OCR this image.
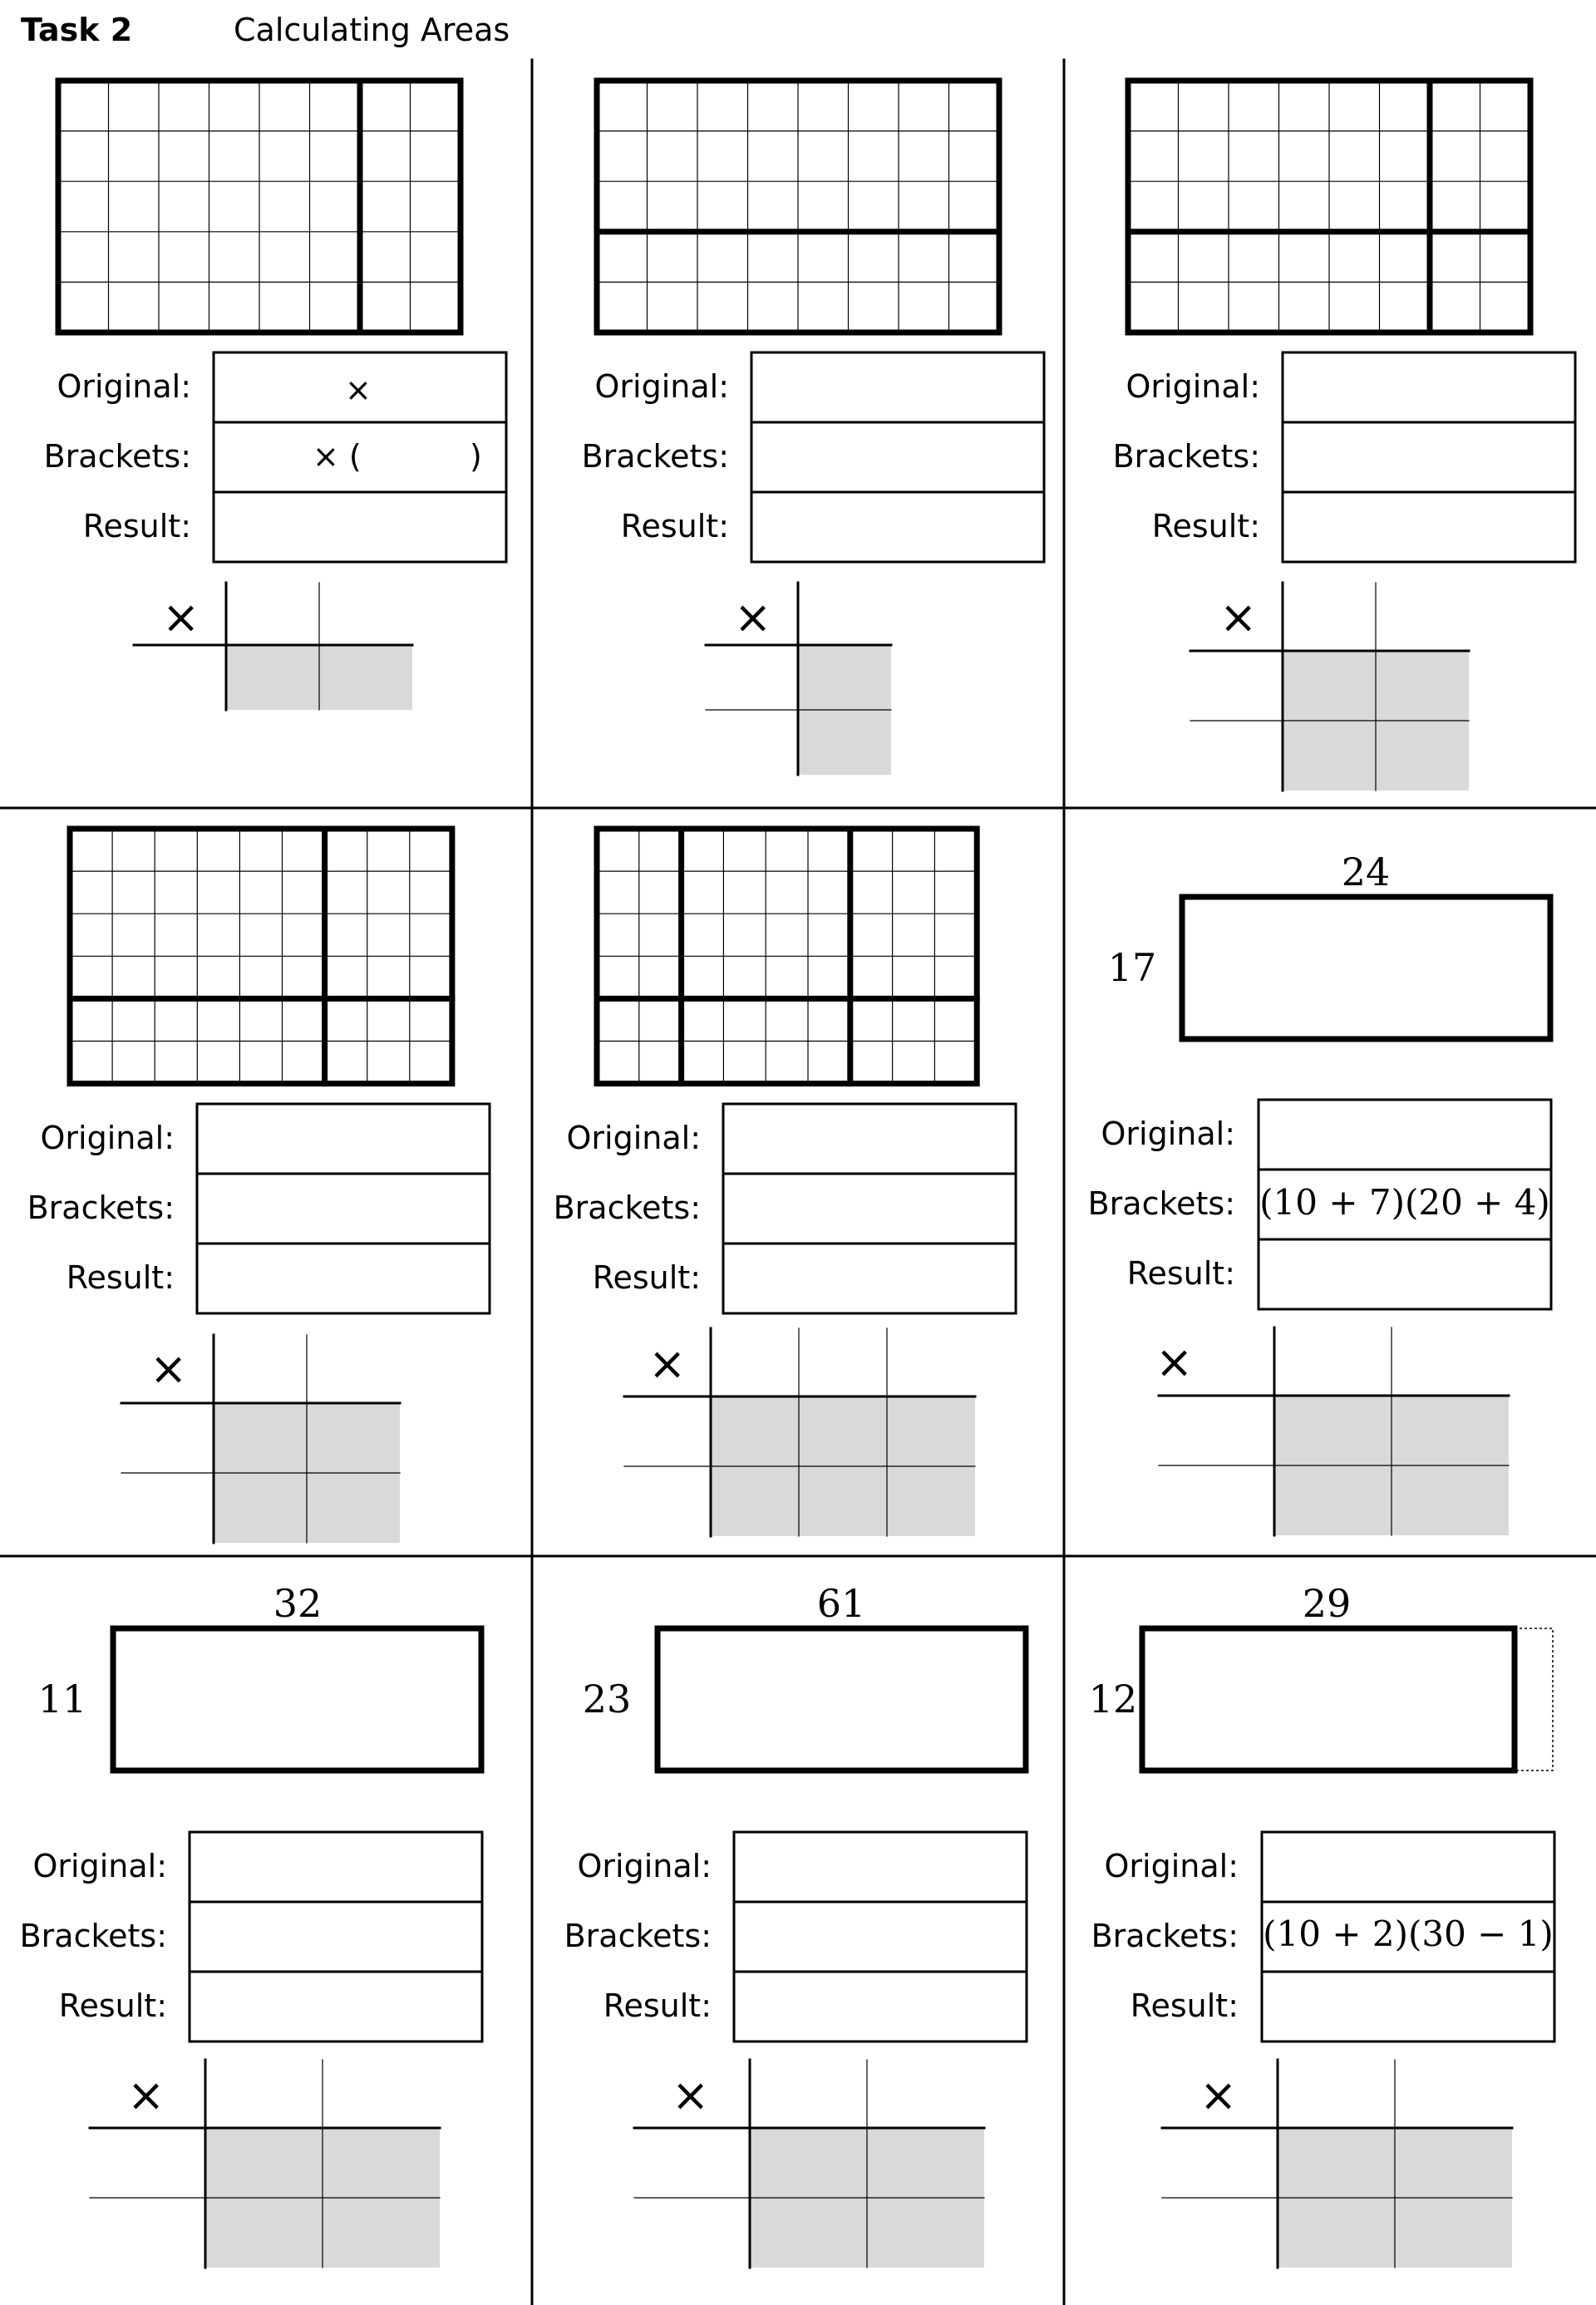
Task 2	Calculating Areas
Original:
Brackets:
Result:
×
× (	)
×
Original:
Brackets:
Result:
×
Original:
Brackets:
Result:
×
Original:
Brackets:
Result:
×
Original:
Brackets:
Result:
×
24
17
Original:
Brackets:
Result:
(10 + 7)(20 + 4)
×
32
11
Original:
Brackets:
Result:
×
61
23
Original:
Brackets:
Result:
×
29
12
Original:
Brackets:
Result:
(10 + 2)(30 − 1)
×
